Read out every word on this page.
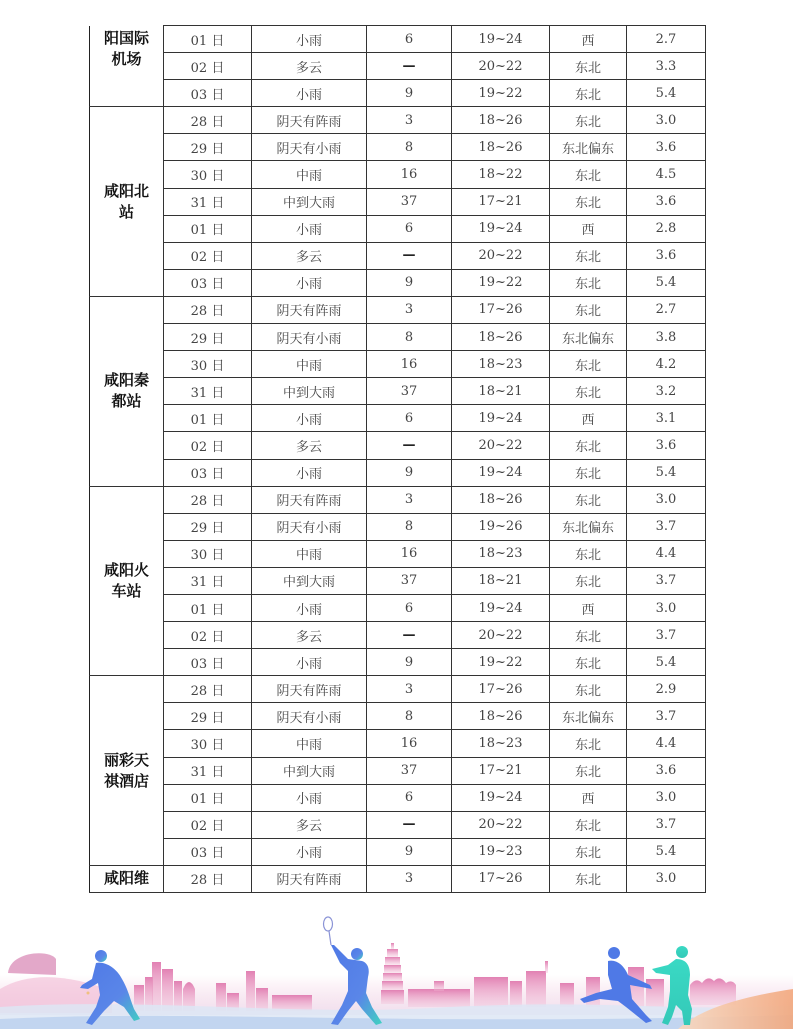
阳国际
机场	01 日	小雨	6	19~24	西	2.7
	02 日	多云	—	20~22	东北	3.3
	03 日	小雨	9	19~22	东北	5.4

咸阳北
站	28 日	阴天有阵雨	3	18~26	东北	3.0
	29 日	阴天有小雨	8	18~26	东北偏东	3.6
	30 日	中雨	16	18~22	东北	4.5
	31 日	中到大雨	37	17~21	东北	3.6
	01 日	小雨	6	19~24	西	2.8
	02 日	多云	—	20~22	东北	3.6
	03 日	小雨	9	19~22	东北	5.4

咸阳秦
都站	28 日	阴天有阵雨	3	17~26	东北	2.7
	29 日	阴天有小雨	8	18~26	东北偏东	3.8
	30 日	中雨	16	18~23	东北	4.2
	31 日	中到大雨	37	18~21	东北	3.2
	01 日	小雨	6	19~24	西	3.1
	02 日	多云	—	20~22	东北	3.6
	03 日	小雨	9	19~24	东北	5.4

咸阳火
车站	28 日	阴天有阵雨	3	18~26	东北	3.0
	29 日	阴天有小雨	8	19~26	东北偏东	3.7
	30 日	中雨	16	18~23	东北	4.4
	31 日	中到大雨	37	18~21	东北	3.7
	01 日	小雨	6	19~24	西	3.0
	02 日	多云	—	20~22	东北	3.7
	03 日	小雨	9	19~22	东北	5.4

丽彩天
祺酒店	28 日	阴天有阵雨	3	17~26	东北	2.9
	29 日	阴天有小雨	8	18~26	东北偏东	3.7
	30 日	中雨	16	18~23	东北	4.4
	31 日	中到大雨	37	17~21	东北	3.6
	01 日	小雨	6	19~24	西	3.0
	02 日	多云	—	20~22	东北	3.7
	03 日	小雨	9	19~23	东北	5.4

咸阳维	28 日	阴天有阵雨	3	17~26	东北	3.0
